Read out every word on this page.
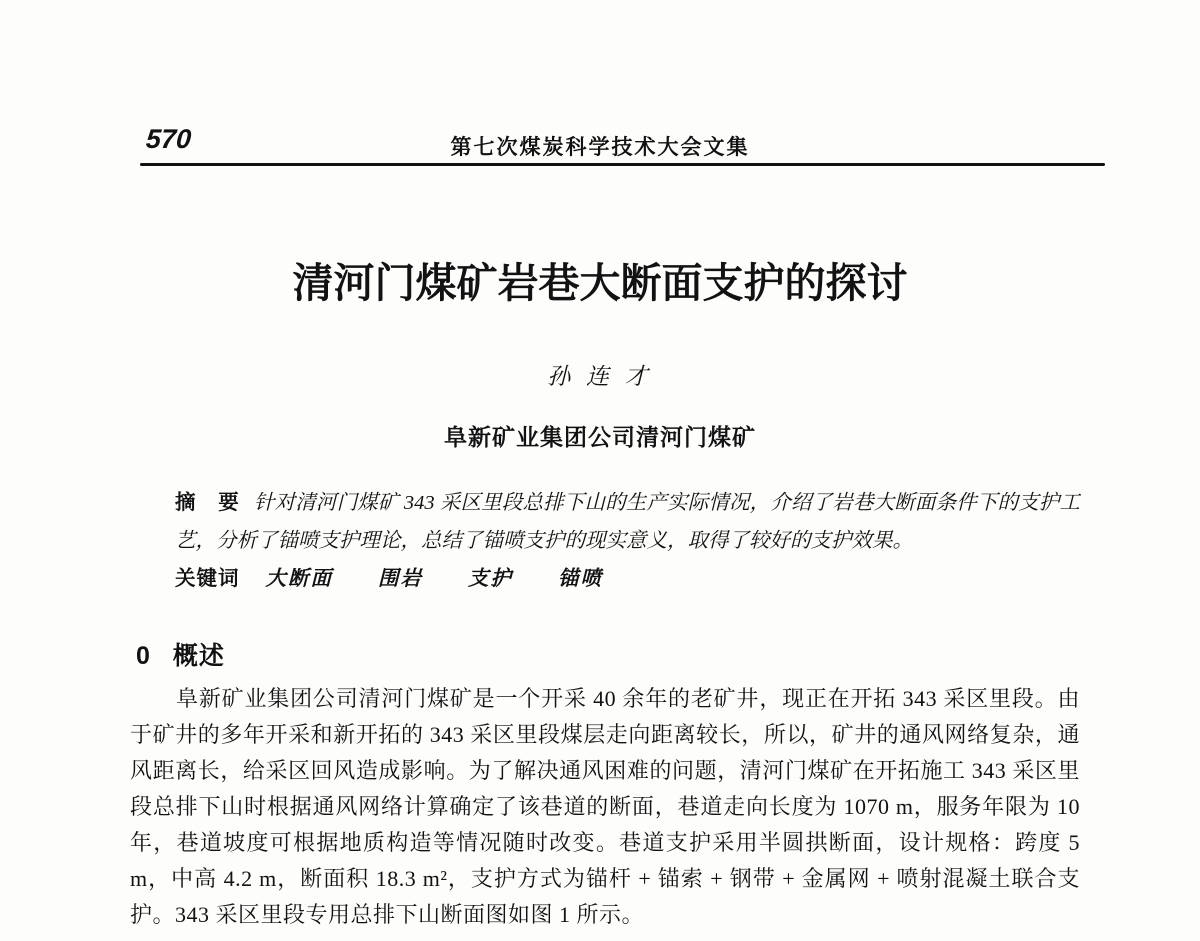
570	第七次煤炭科学技术大会文集
清河门煤矿岩巷大断面支护的探讨
孙 连 才
阜新矿业集团公司清河门煤矿

摘　要 针对清河门煤矿 343 采区里段总排下山的生产实际情况，介绍了岩巷大断面条件下的支护工艺，分析了锚喷支护理论，总结了锚喷支护的现实意义，取得了较好的支护效果。

关键词 大断面　　围岩　　支护　　锚喷

0 概述

阜新矿业集团公司清河门煤矿是一个开采 40 余年的老矿井，现正在开拓 343 采区里段。由于矿井的多年开采和新开拓的 343 采区里段煤层走向距离较长，所以，矿井的通风网络复杂，通风距离长，给采区回风造成影响。为了解决通风困难的问题，清河门煤矿在开拓施工 343 采区里段总排下山时根据通风网络计算确定了该巷道的断面，巷道走向长度为 1070 m，服务年限为 10 年，巷道坡度可根据地质构造等情况随时改变。巷道支护采用半圆拱断面，设计规格：跨度 5 m，中高 4.2 m，断面积 18.3 m²，支护方式为锚杆 + 锚索 + 钢带 + 金属网 + 喷射混凝土联合支护。343 采区里段专用总排下山断面图如图 1 所示。
